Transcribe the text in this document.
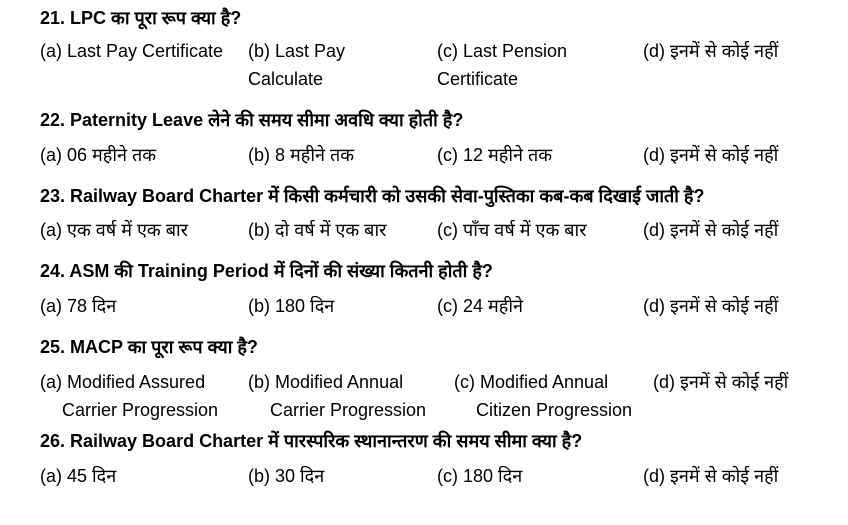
21. LPC का पूरा रूप क्या है?
(a) Last Pay Certificate (b) Last Pay
Calculate
(c) Last Pension
Certificate
(d) इनमें से कोई नहीं
22. Paternity Leave लेने की समय सीमा अवधि क्या होती है?
(a) 06 महीने तक	(b) 8 महीने तक	(c) 12 महीने तक	(d) इनमें से कोई नहीं
23. Railway Board Charter में किसी कर्मचारी को उसकी सेवा-पुस्तिका कब-कब दिखाई जाती है?
(a) एक वर्ष में एक बार	(b) दो वर्ष में एक बार	(c) पाँच वर्ष में एक बार	(d) इनमें से कोई नहीं
24. ASM की Training Period में दिनों की संख्या कितनी होती है?
(a) 78 दिन	(b) 180 दिन	(c) 24 महीने	(d) इनमें से कोई नहीं
25. MACP का पूरा रूप क्या है?
(a) Modified Assured
Carrier Progression
(b) Modified Annual
Carrier Progression
(c) Modified Annual
Citizen Progression
(d) इनमें से कोई नहीं
26. Railway Board Charter में पारस्परिक स्थानान्तरण की समय सीमा क्या है?
(a) 45 दिन	(b) 30 दिन	(c) 180 दिन	(d) इनमें से कोई नहीं
